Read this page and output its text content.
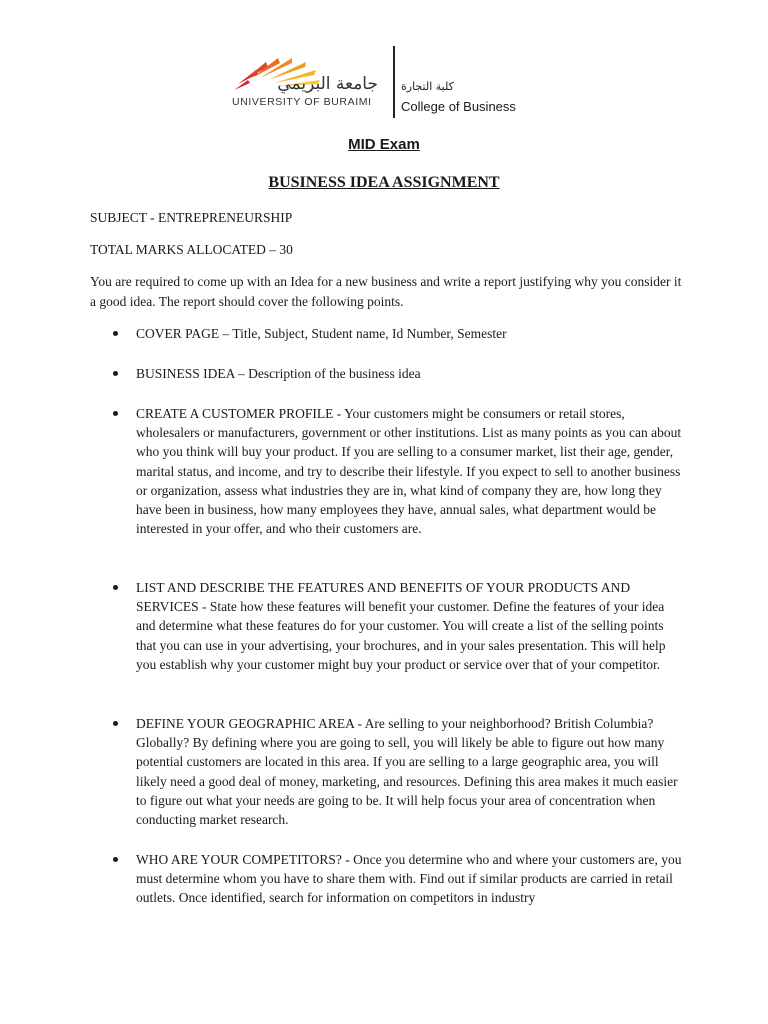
جامعة البريمي
UNIVERSITY OF BURAIMI
كلية التجارة
College of Business
MID Exam
BUSINESS IDEA ASSIGNMENT
SUBJECT - ENTREPRENEURSHIP
TOTAL MARKS ALLOCATED – 30
You are required to come up with an Idea for a new business and write a report justifying why you consider it a good idea. The report should cover the following points.
COVER PAGE – Title, Subject, Student name, Id Number, Semester
BUSINESS IDEA – Description of the business idea
CREATE A CUSTOMER PROFILE - Your customers might be consumers or retail stores, wholesalers or manufacturers, government or other institutions. List as many points as you can about who you think will buy your product. If you are selling to a consumer market, list their age, gender, marital status, and income, and try to describe their lifestyle. If you expect to sell to another business or organization, assess what industries they are in, what kind of company they are, how long they have been in business, how many employees they have, annual sales, what department would be interested in your offer, and who their customers are.
LIST AND DESCRIBE THE FEATURES AND BENEFITS OF YOUR PRODUCTS AND SERVICES - State how these features will benefit your customer. Define the features of your idea and determine what these features do for your customer. You will create a list of the selling points that you can use in your advertising, your brochures, and in your sales presentation. This will help you establish why your customer might buy your product or service over that of your competitor.
DEFINE YOUR GEOGRAPHIC AREA - Are selling to your neighborhood? British Columbia? Globally? By defining where you are going to sell, you will likely be able to figure out how many potential customers are located in this area. If you are selling to a large geographic area, you will likely need a good deal of money, marketing, and resources. Defining this area makes it much easier to figure out what your needs are going to be. It will help focus your area of concentration when conducting market research.
WHO ARE YOUR COMPETITORS? - Once you determine who and where your customers are, you must determine whom you have to share them with. Find out if similar products are carried in retail outlets. Once identified, search for information on competitors in industry
